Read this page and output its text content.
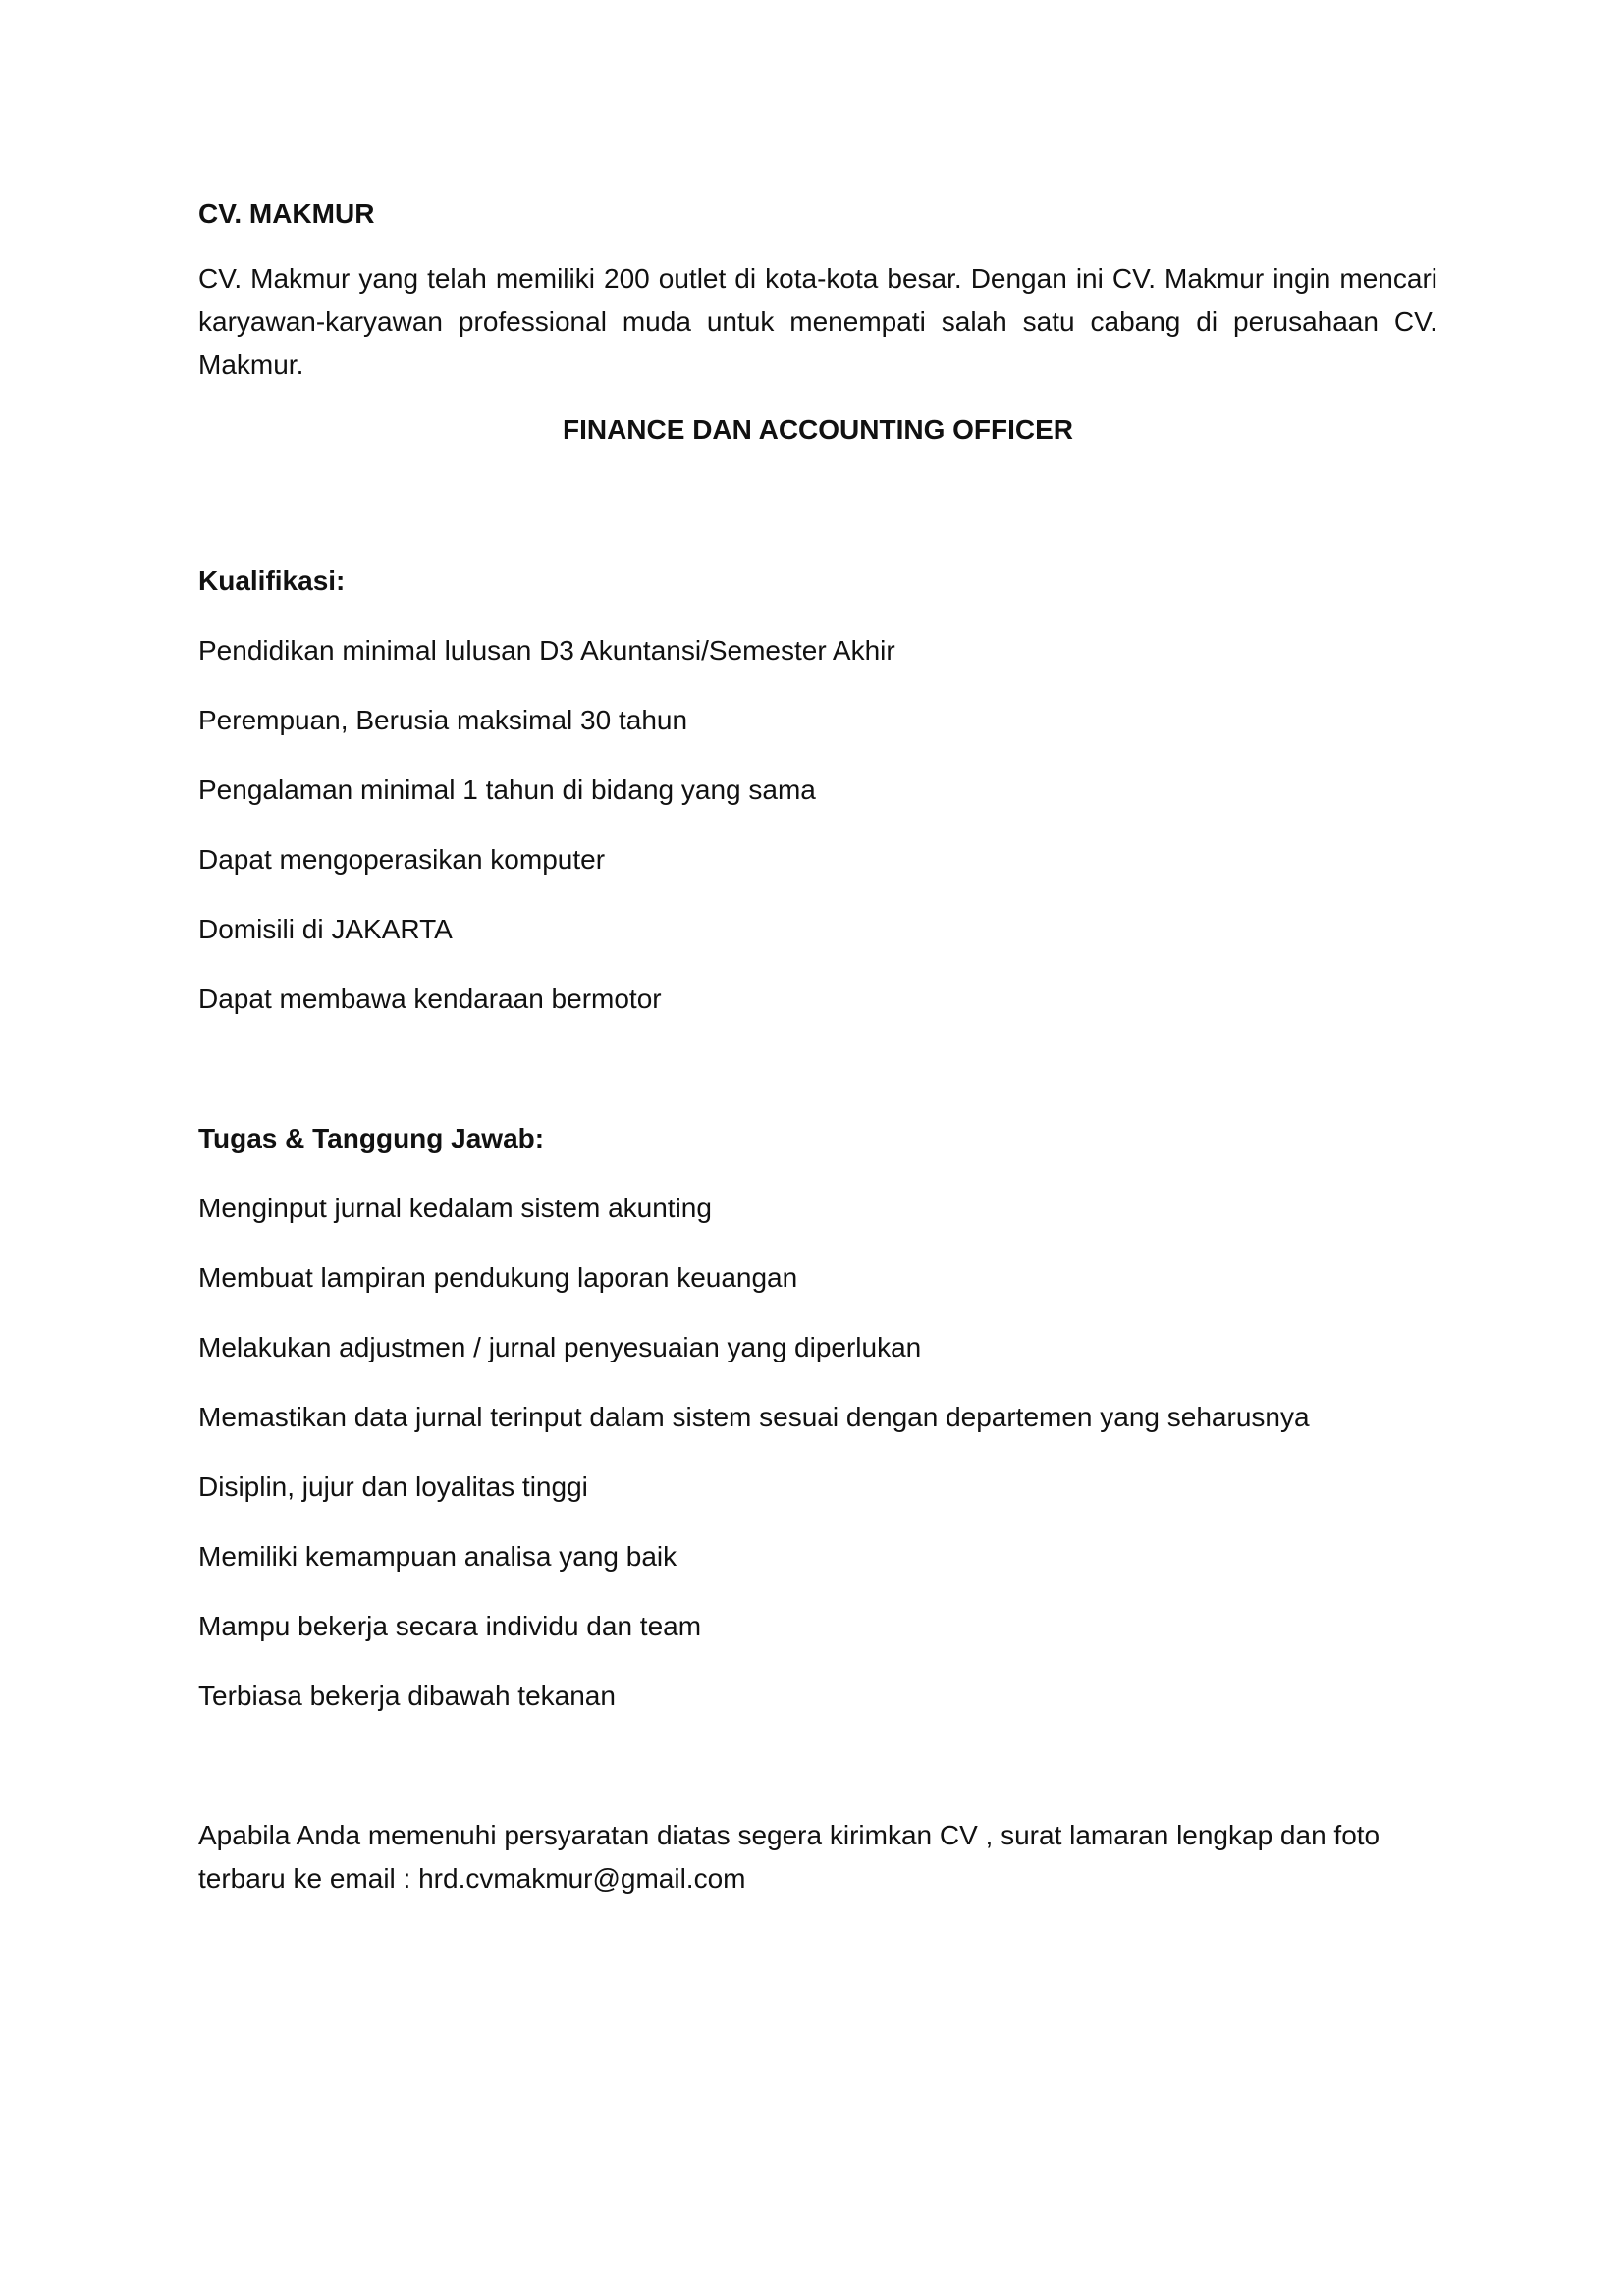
CV. MAKMUR

CV. Makmur yang telah memiliki 200 outlet di kota-kota besar. Dengan ini CV. Makmur ingin mencari karyawan-karyawan professional muda untuk menempati salah satu cabang di perusahaan CV. Makmur.

FINANCE DAN ACCOUNTING OFFICER

Kualifikasi:

Pendidikan minimal lulusan D3 Akuntansi/Semester Akhir
Perempuan, Berusia maksimal 30 tahun
Pengalaman minimal 1 tahun di bidang yang sama
Dapat mengoperasikan komputer
Domisili di JAKARTA
Dapat membawa kendaraan bermotor

Tugas & Tanggung Jawab:

Menginput jurnal kedalam sistem akunting
Membuat lampiran pendukung laporan keuangan
Melakukan adjustmen / jurnal penyesuaian yang diperlukan
Memastikan data jurnal terinput dalam sistem sesuai dengan departemen yang seharusnya
Disiplin, jujur dan loyalitas tinggi
Memiliki kemampuan analisa yang baik
Mampu bekerja secara individu dan team
Terbiasa bekerja dibawah tekanan

Apabila Anda memenuhi persyaratan diatas segera kirimkan CV , surat lamaran lengkap dan foto terbaru ke email : hrd.cvmakmur@gmail.com
